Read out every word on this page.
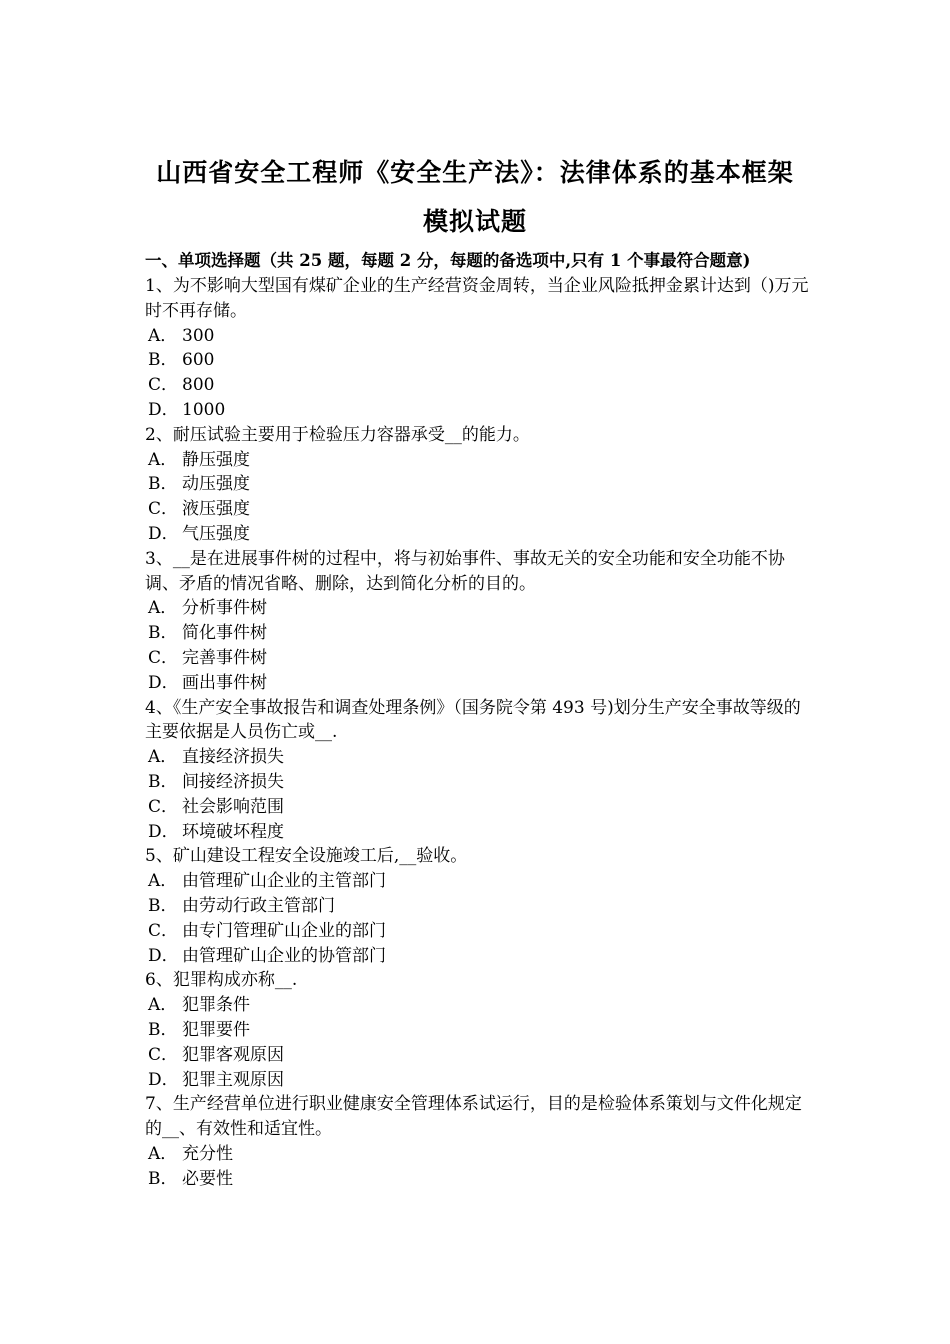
山西省安全工程师《安全生产法》：法律体系的基本框架
模拟试题
一、单项选择题（共 25 题，每题 2 分，每题的备选项中,只有 1 个事最符合题意)
1、为不影响大型国有煤矿企业的生产经营资金周转，当企业风险抵押金累计达到（)万元时不再存储。
A． 300
B． 600
C． 800
D． 1000
2、耐压试验主要用于检验压力容器承受__的能力。
A． 静压强度
B． 动压强度
C． 液压强度
D． 气压强度
3、__是在进展事件树的过程中，将与初始事件、事故无关的安全功能和安全功能不协调、矛盾的情况省略、删除，达到简化分析的目的。
A． 分析事件树
B． 简化事件树
C． 完善事件树
D． 画出事件树
4、《生产安全事故报告和调查处理条例》（国务院令第 493 号)划分生产安全事故等级的主要依据是人员伤亡或__.
A． 直接经济损失
B． 间接经济损失
C． 社会影响范围
D． 环境破坏程度
5、矿山建设工程安全设施竣工后,__验收。
A． 由管理矿山企业的主管部门
B． 由劳动行政主管部门
C． 由专门管理矿山企业的部门
D． 由管理矿山企业的协管部门
6、犯罪构成亦称__.
A． 犯罪条件
B． 犯罪要件
C． 犯罪客观原因
D． 犯罪主观原因
7、生产经营单位进行职业健康安全管理体系试运行，目的是检验体系策划与文件化规定的__、有效性和适宜性。
A． 充分性
B． 必要性
